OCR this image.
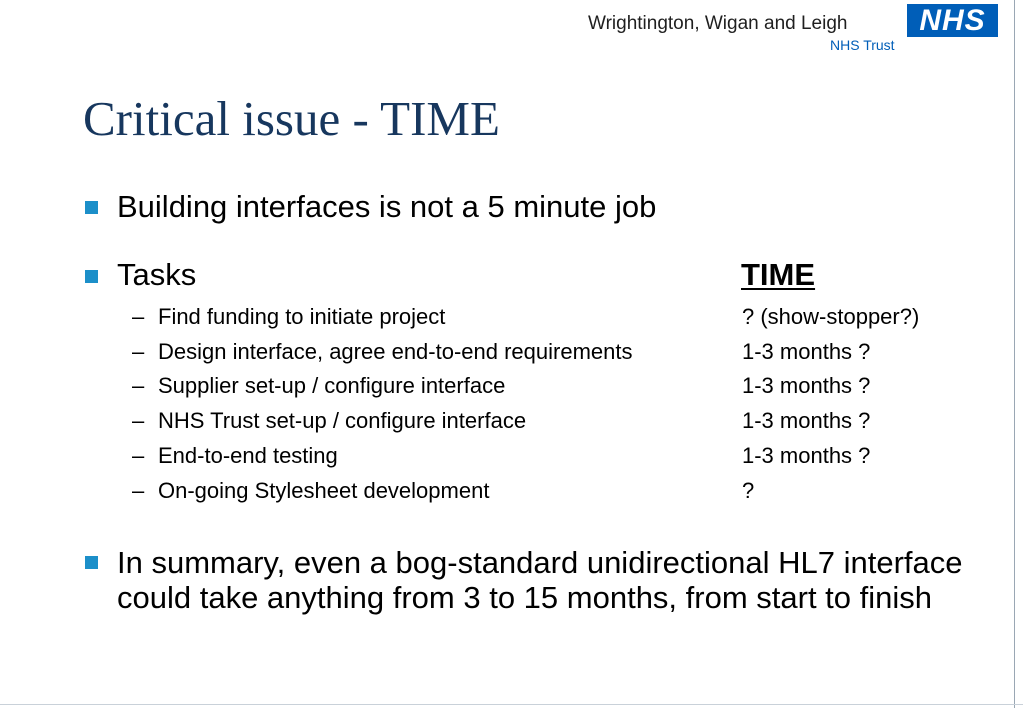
Wrightington, Wigan and Leigh
NHS Trust
NHS
Critical issue - TIME
Building interfaces is not a 5 minute job
Tasks	TIME
– Find funding to initiate project	? (show-stopper?)
– Design interface, agree end-to-end requirements	1-3 months ?
– Supplier set-up / configure interface	1-3 months ?
– NHS Trust set-up / configure interface	1-3 months ?
– End-to-end testing	1-3 months ?
– On-going Stylesheet development	?
In summary, even a bog-standard unidirectional HL7 interface
could take anything from 3 to 15 months, from start to finish
